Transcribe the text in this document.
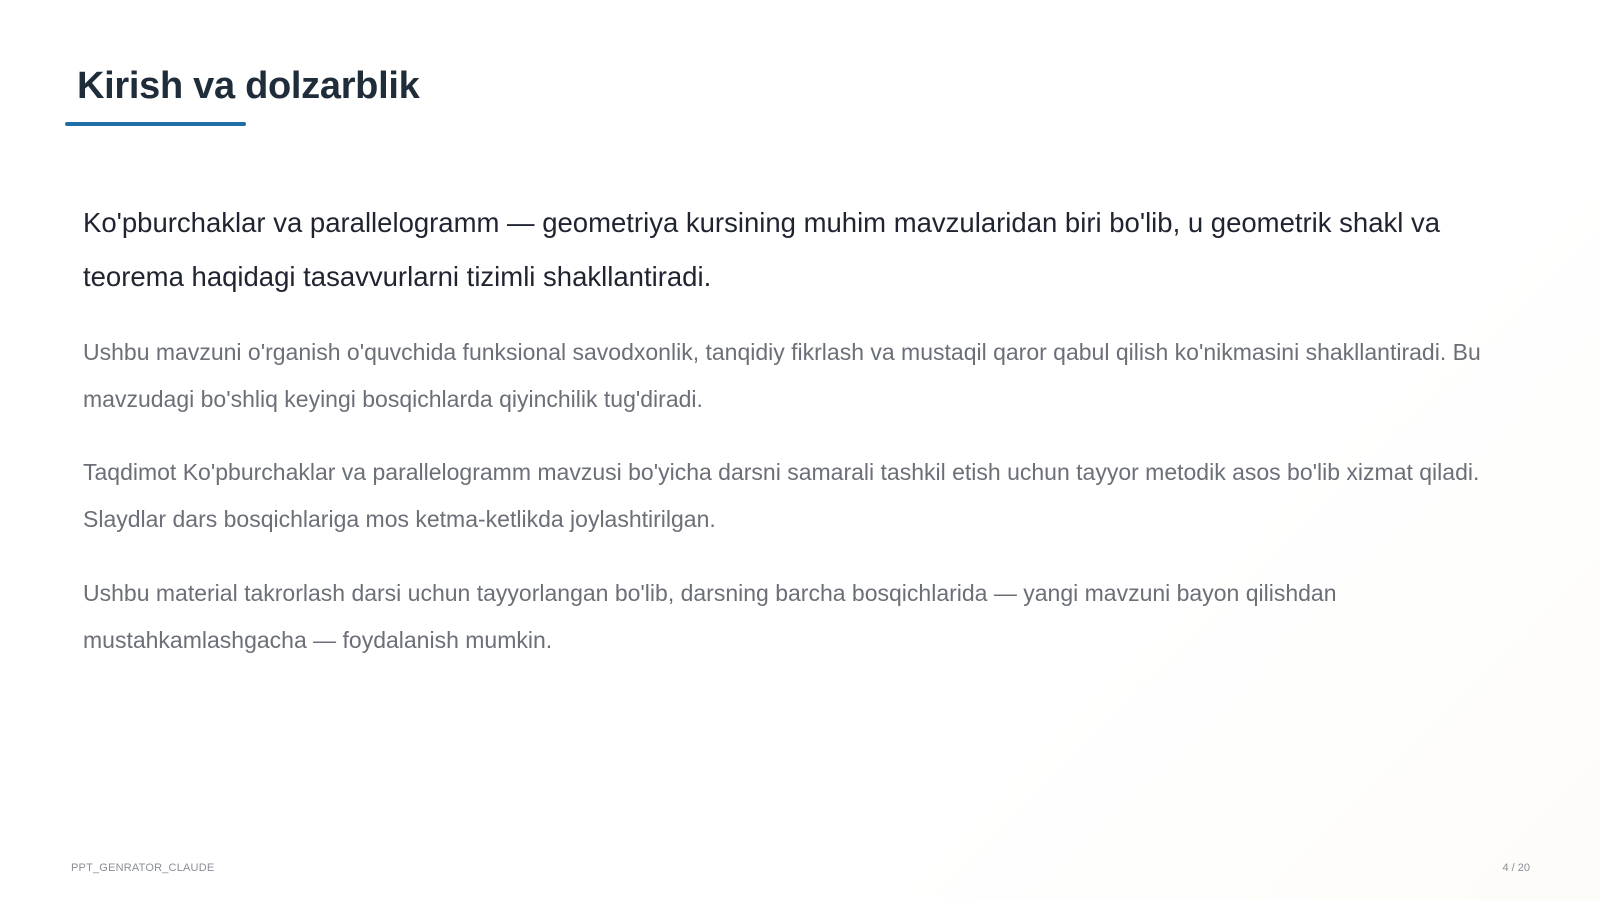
Kirish va dolzarblik

Ko'pburchaklar va parallelogramm — geometriya kursining muhim mavzularidan biri bo'lib, u geometrik shakl va teorema haqidagi tasavvurlarni tizimli shakllantiradi.

Ushbu mavzuni o'rganish o'quvchida funksional savodxonlik, tanqidiy fikrlash va mustaqil qaror qabul qilish ko'nikmasini shakllantiradi. Bu mavzudagi bo'shliq keyingi bosqichlarda qiyinchilik tug'diradi.

Taqdimot Ko'pburchaklar va parallelogramm mavzusi bo'yicha darsni samarali tashkil etish uchun tayyor metodik asos bo'lib xizmat qiladi. Slaydlar dars bosqichlariga mos ketma-ketlikda joylashtirilgan.

Ushbu material takrorlash darsi uchun tayyorlangan bo'lib, darsning barcha bosqichlarida — yangi mavzuni bayon qilishdan mustahkamlashgacha — foydalanish mumkin.

PPT_GENRATOR_CLAUDE	4 / 20
